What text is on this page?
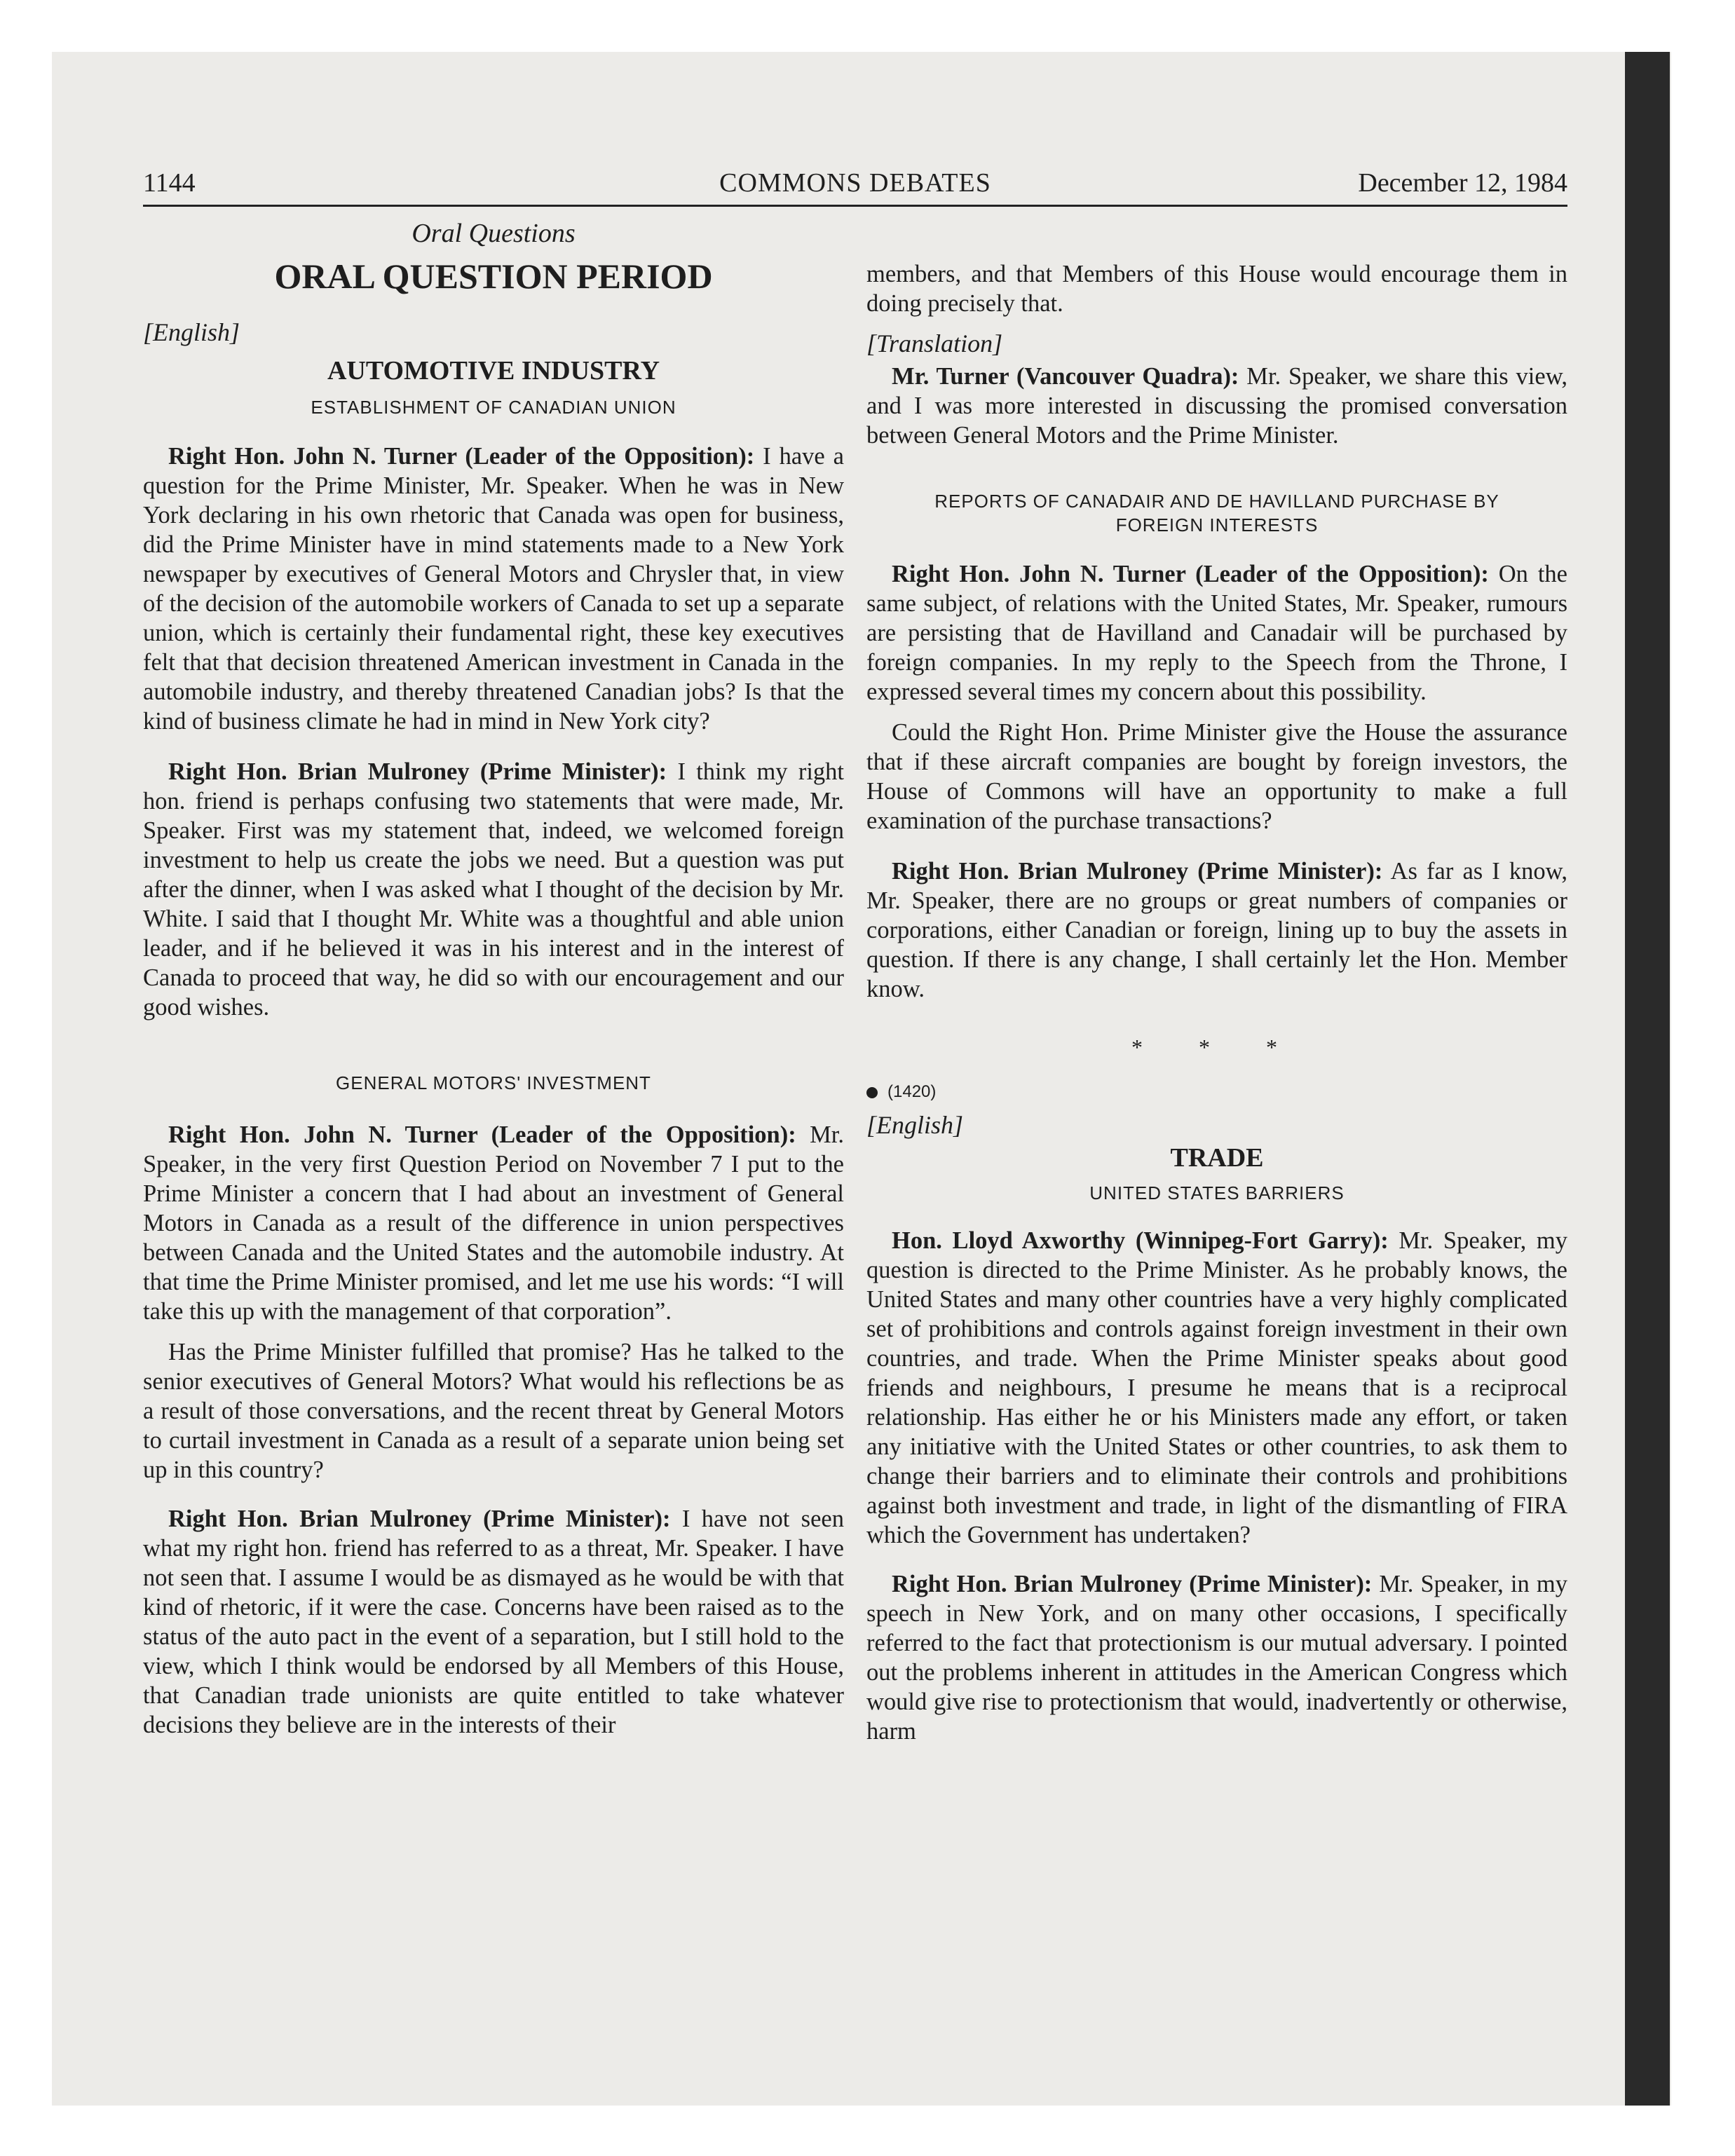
1144	COMMONS DEBATES	December 12, 1984
Oral Questions
ORAL QUESTION PERIOD
[English]
AUTOMOTIVE INDUSTRY
ESTABLISHMENT OF CANADIAN UNION

Right Hon. John N. Turner (Leader of the Opposition): I have a question for the Prime Minister, Mr. Speaker. When he was in New York declaring in his own rhetoric that Canada was open for business, did the Prime Minister have in mind statements made to a New York newspaper by executives of General Motors and Chrysler that, in view of the decision of the automobile workers of Canada to set up a separate union, which is certainly their fundamental right, these key executives felt that that decision threatened American investment in Canada in the automobile industry, and thereby threatened Canadian jobs? Is that the kind of business climate he had in mind in New York city?

Right Hon. Brian Mulroney (Prime Minister): I think my right hon. friend is perhaps confusing two statements that were made, Mr. Speaker. First was my statement that, indeed, we welcomed foreign investment to help us create the jobs we need. But a question was put after the dinner, when I was asked what I thought of the decision by Mr. White. I said that I thought Mr. White was a thoughtful and able union leader, and if he believed it was in his interest and in the interest of Canada to proceed that way, he did so with our encouragement and our good wishes.

GENERAL MOTORS' INVESTMENT

Right Hon. John N. Turner (Leader of the Opposition): Mr. Speaker, in the very first Question Period on November 7 I put to the Prime Minister a concern that I had about an investment of General Motors in Canada as a result of the difference in union perspectives between Canada and the United States and the automobile industry. At that time the Prime Minister promised, and let me use his words: “I will take this up with the management of that corporation”.

Has the Prime Minister fulfilled that promise? Has he talked to the senior executives of General Motors? What would his reflections be as a result of those conversations, and the recent threat by General Motors to curtail investment in Canada as a result of a separate union being set up in this country?

Right Hon. Brian Mulroney (Prime Minister): I have not seen what my right hon. friend has referred to as a threat, Mr. Speaker. I have not seen that. I assume I would be as dismayed as he would be with that kind of rhetoric, if it were the case. Concerns have been raised as to the status of the auto pact in the event of a separation, but I still hold to the view, which I think would be endorsed by all Members of this House, that Canadian trade unionists are quite entitled to take whatever decisions they believe are in the interests of their

members, and that Members of this House would encourage them in doing precisely that.

[Translation]

Mr. Turner (Vancouver Quadra): Mr. Speaker, we share this view, and I was more interested in discussing the promised conversation between General Motors and the Prime Minister.

REPORTS OF CANADAIR AND DE HAVILLAND PURCHASE BY
FOREIGN INTERESTS

Right Hon. John N. Turner (Leader of the Opposition): On the same subject, of relations with the United States, Mr. Speaker, rumours are persisting that de Havilland and Canadair will be purchased by foreign companies. In my reply to the Speech from the Throne, I expressed several times my concern about this possibility.

Could the Right Hon. Prime Minister give the House the assurance that if these aircraft companies are bought by foreign investors, the House of Commons will have an opportunity to make a full examination of the purchase transactions?

Right Hon. Brian Mulroney (Prime Minister): As far as I know, Mr. Speaker, there are no groups or great numbers of companies or corporations, either Canadian or foreign, lining up to buy the assets in question. If there is any change, I shall certainly let the Hon. Member know.

* * *
(1420)
[English]
TRADE
UNITED STATES BARRIERS

Hon. Lloyd Axworthy (Winnipeg-Fort Garry): Mr. Speaker, my question is directed to the Prime Minister. As he probably knows, the United States and many other countries have a very highly complicated set of prohibitions and controls against foreign investment in their own countries, and trade. When the Prime Minister speaks about good friends and neighbours, I presume he means that is a reciprocal relationship. Has either he or his Ministers made any effort, or taken any initiative with the United States or other countries, to ask them to change their barriers and to eliminate their controls and prohibitions against both investment and trade, in light of the dismantling of FIRA which the Government has undertaken?

Right Hon. Brian Mulroney (Prime Minister): Mr. Speaker, in my speech in New York, and on many other occasions, I specifically referred to the fact that protectionism is our mutual adversary. I pointed out the problems inherent in attitudes in the American Congress which would give rise to protectionism that would, inadvertently or otherwise, harm
